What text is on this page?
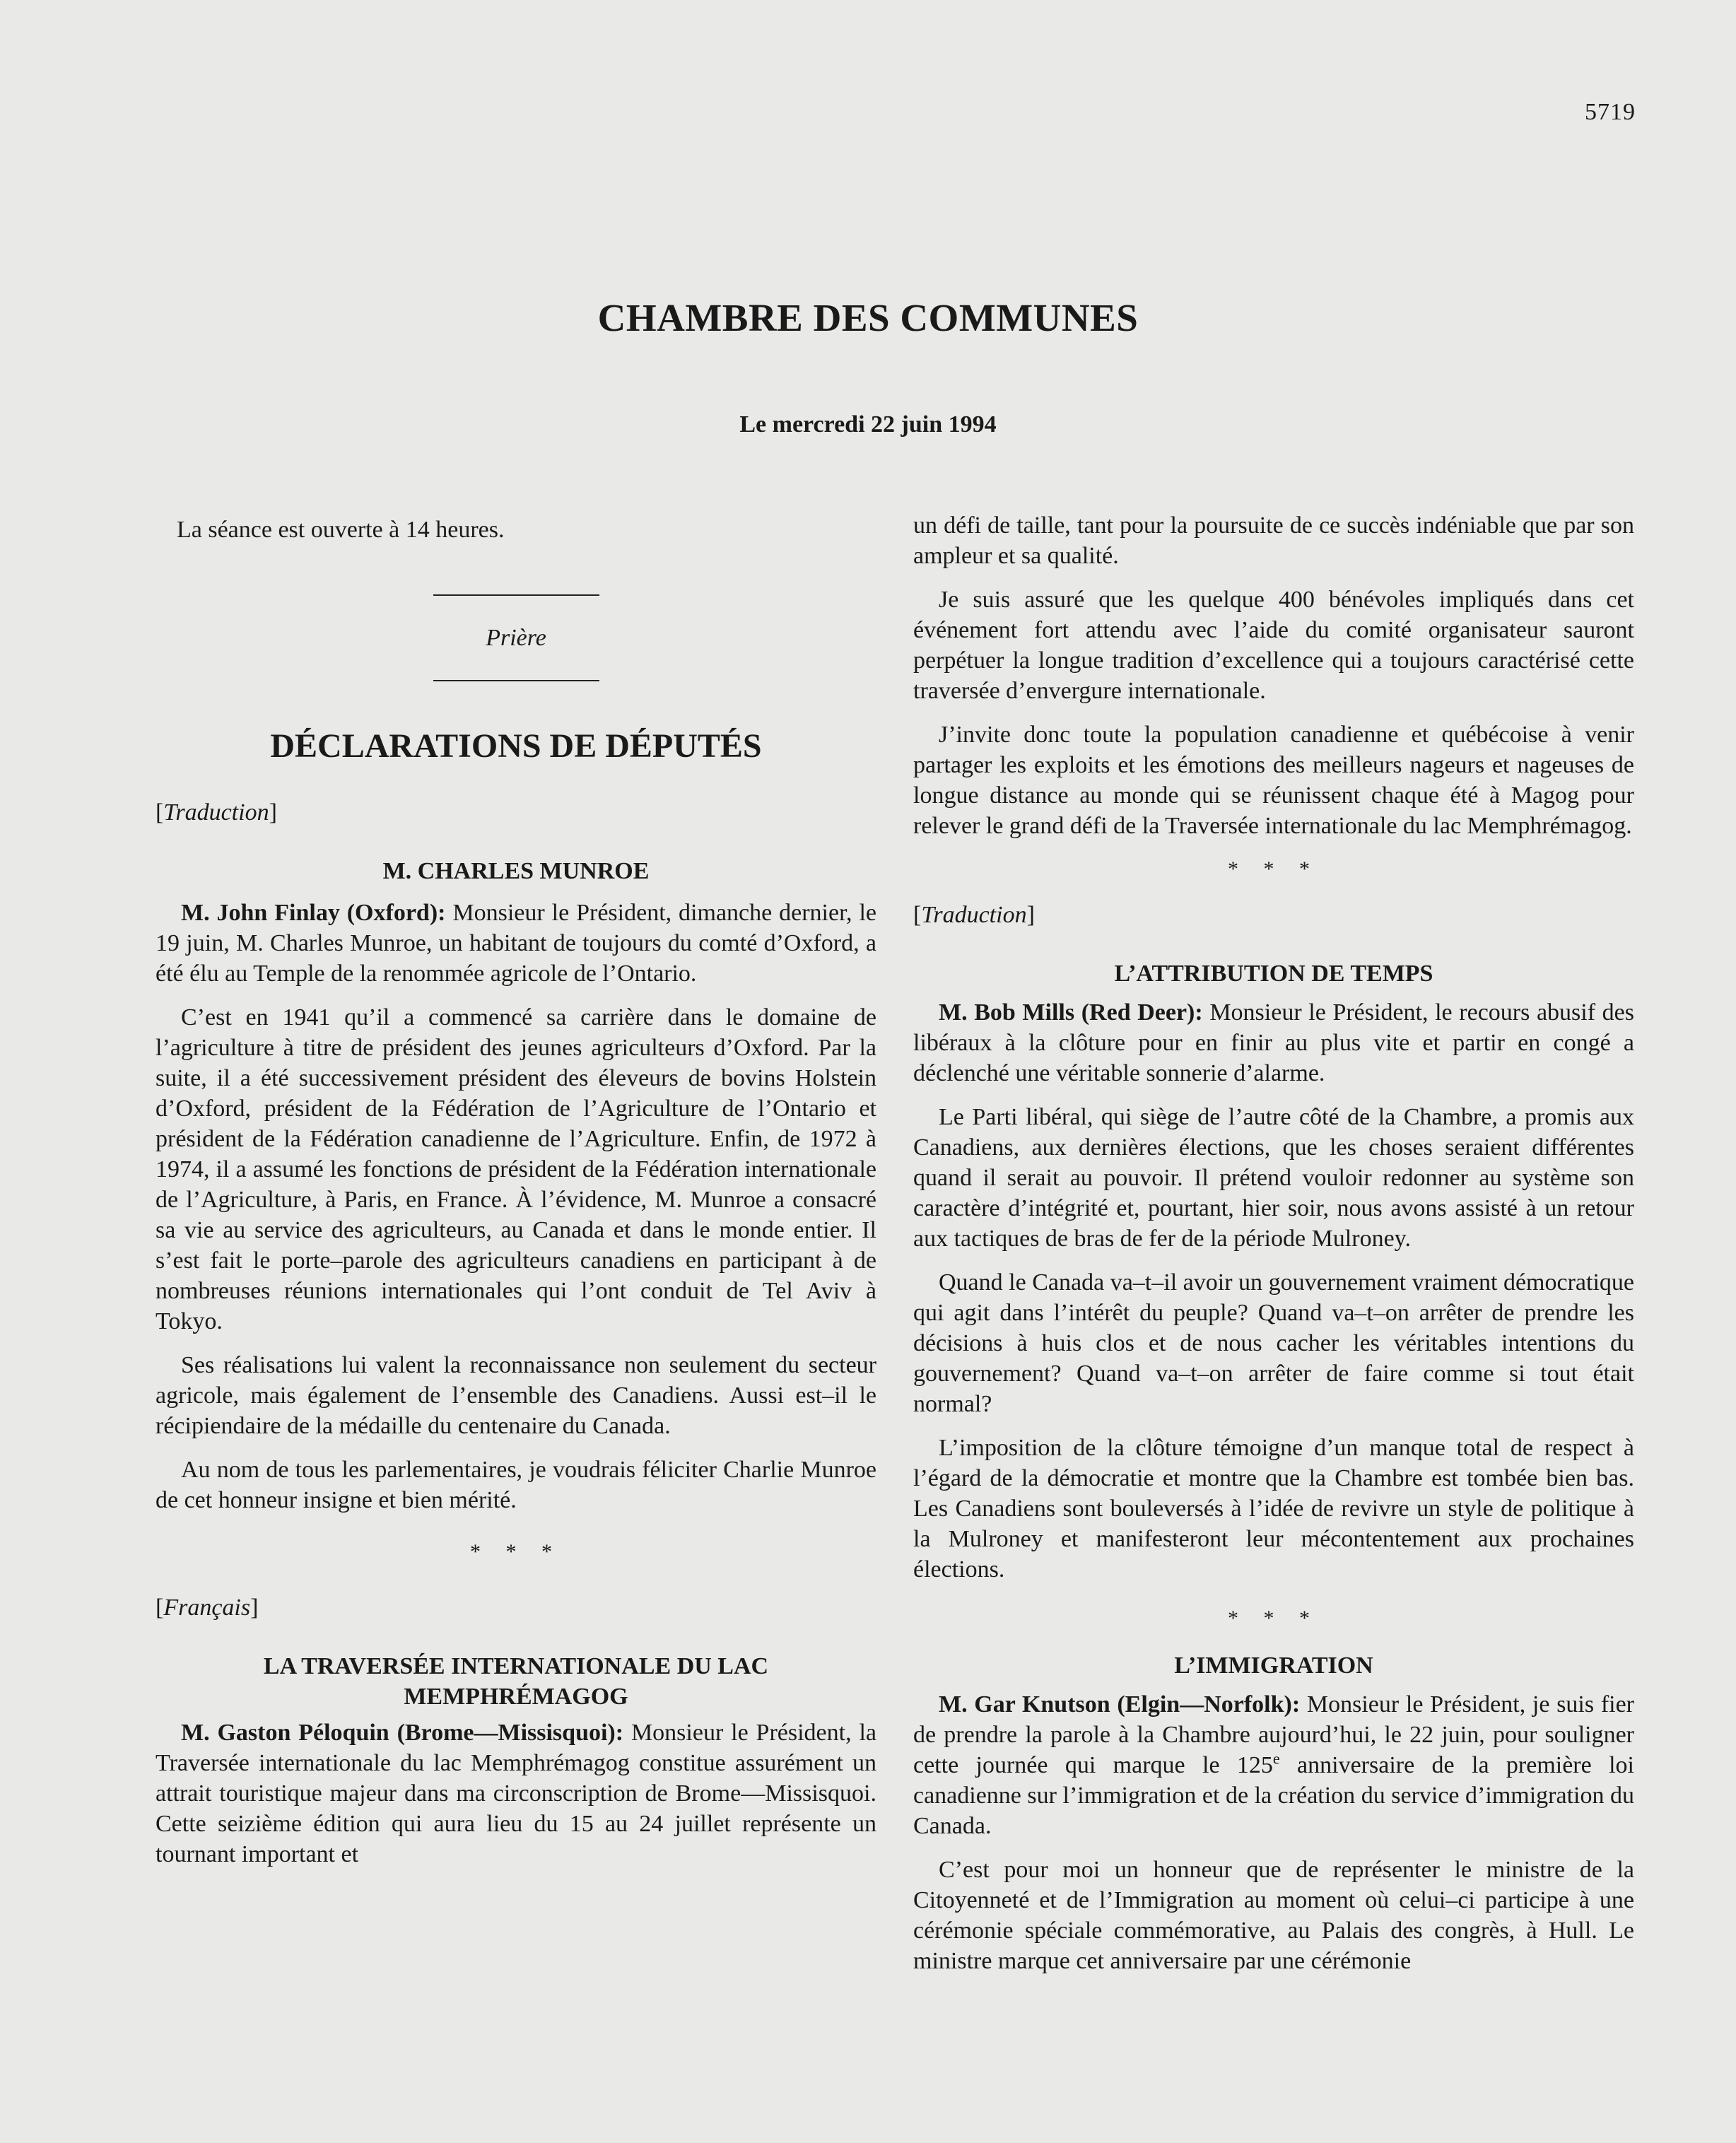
5719
CHAMBRE DES COMMUNES
Le mercredi 22 juin 1994

La séance est ouverte à 14 heures.

Prière
DÉCLARATIONS DE DÉPUTÉS
[Traduction]
M. CHARLES MUNROE

M. John Finlay (Oxford): Monsieur le Président, dimanche dernier, le 19 juin, M. Charles Munroe, un habitant de toujours du comté d’Oxford, a été élu au Temple de la renommée agricole de l’Ontario.

C’est en 1941 qu’il a commencé sa carrière dans le domaine de l’agriculture à titre de président des jeunes agriculteurs d’Oxford. Par la suite, il a été successivement président des éleveurs de bovins Holstein d’Oxford, président de la Fédération de l’Agriculture de l’Ontario et président de la Fédération canadienne de l’Agriculture. Enfin, de 1972 à 1974, il a assumé les fonctions de président de la Fédération internationale de l’Agriculture, à Paris, en France. À l’évidence, M. Munroe a consacré sa vie au service des agriculteurs, au Canada et dans le monde entier. Il s’est fait le porte–parole des agriculteurs canadiens en participant à de nombreuses réunions internationales qui l’ont conduit de Tel Aviv à Tokyo.

Ses réalisations lui valent la reconnaissance non seulement du secteur agricole, mais également de l’ensemble des Canadiens. Aussi est–il le récipiendaire de la médaille du centenaire du Canada.

Au nom de tous les parlementaires, je voudrais féliciter Charlie Munroe de cet honneur insigne et bien mérité.

* * *
[Français]
LA TRAVERSÉE INTERNATIONALE DU LAC
MEMPHRÉMAGOG

M. Gaston Péloquin (Brome—Missisquoi): Monsieur le Président, la Traversée internationale du lac Memphrémagog constitue assurément un attrait touristique majeur dans ma circonscription de Brome—Missisquoi. Cette seizième édition qui aura lieu du 15 au 24 juillet représente un tournant important et

un défi de taille, tant pour la poursuite de ce succès indéniable que par son ampleur et sa qualité.

Je suis assuré que les quelque 400 bénévoles impliqués dans cet événement fort attendu avec l’aide du comité organisateur sauront perpétuer la longue tradition d’excellence qui a toujours caractérisé cette traversée d’envergure internationale.

J’invite donc toute la population canadienne et québécoise à venir partager les exploits et les émotions des meilleurs nageurs et nageuses de longue distance au monde qui se réunissent chaque été à Magog pour relever le grand défi de la Traversée internationale du lac Memphrémagog.

* * *
[Traduction]
L’ATTRIBUTION DE TEMPS

M. Bob Mills (Red Deer): Monsieur le Président, le recours abusif des libéraux à la clôture pour en finir au plus vite et partir en congé a déclenché une véritable sonnerie d’alarme.

Le Parti libéral, qui siège de l’autre côté de la Chambre, a promis aux Canadiens, aux dernières élections, que les choses seraient différentes quand il serait au pouvoir. Il prétend vouloir redonner au système son caractère d’intégrité et, pourtant, hier soir, nous avons assisté à un retour aux tactiques de bras de fer de la période Mulroney.

Quand le Canada va–t–il avoir un gouvernement vraiment démocratique qui agit dans l’intérêt du peuple? Quand va–t–on arrêter de prendre les décisions à huis clos et de nous cacher les véritables intentions du gouvernement? Quand va–t–on arrêter de faire comme si tout était normal?

L’imposition de la clôture témoigne d’un manque total de respect à l’égard de la démocratie et montre que la Chambre est tombée bien bas. Les Canadiens sont bouleversés à l’idée de revivre un style de politique à la Mulroney et manifesteront leur mécontentement aux prochaines élections.

* * *
L’IMMIGRATION

M. Gar Knutson (Elgin—Norfolk): Monsieur le Président, je suis fier de prendre la parole à la Chambre aujourd’hui, le 22 juin, pour souligner cette journée qui marque le 125e anniversaire de la première loi canadienne sur l’immigration et de la création du service d’immigration du Canada.

C’est pour moi un honneur que de représenter le ministre de la Citoyenneté et de l’Immigration au moment où celui–ci participe à une cérémonie spéciale commémorative, au Palais des congrès, à Hull. Le ministre marque cet anniversaire par une cérémonie
